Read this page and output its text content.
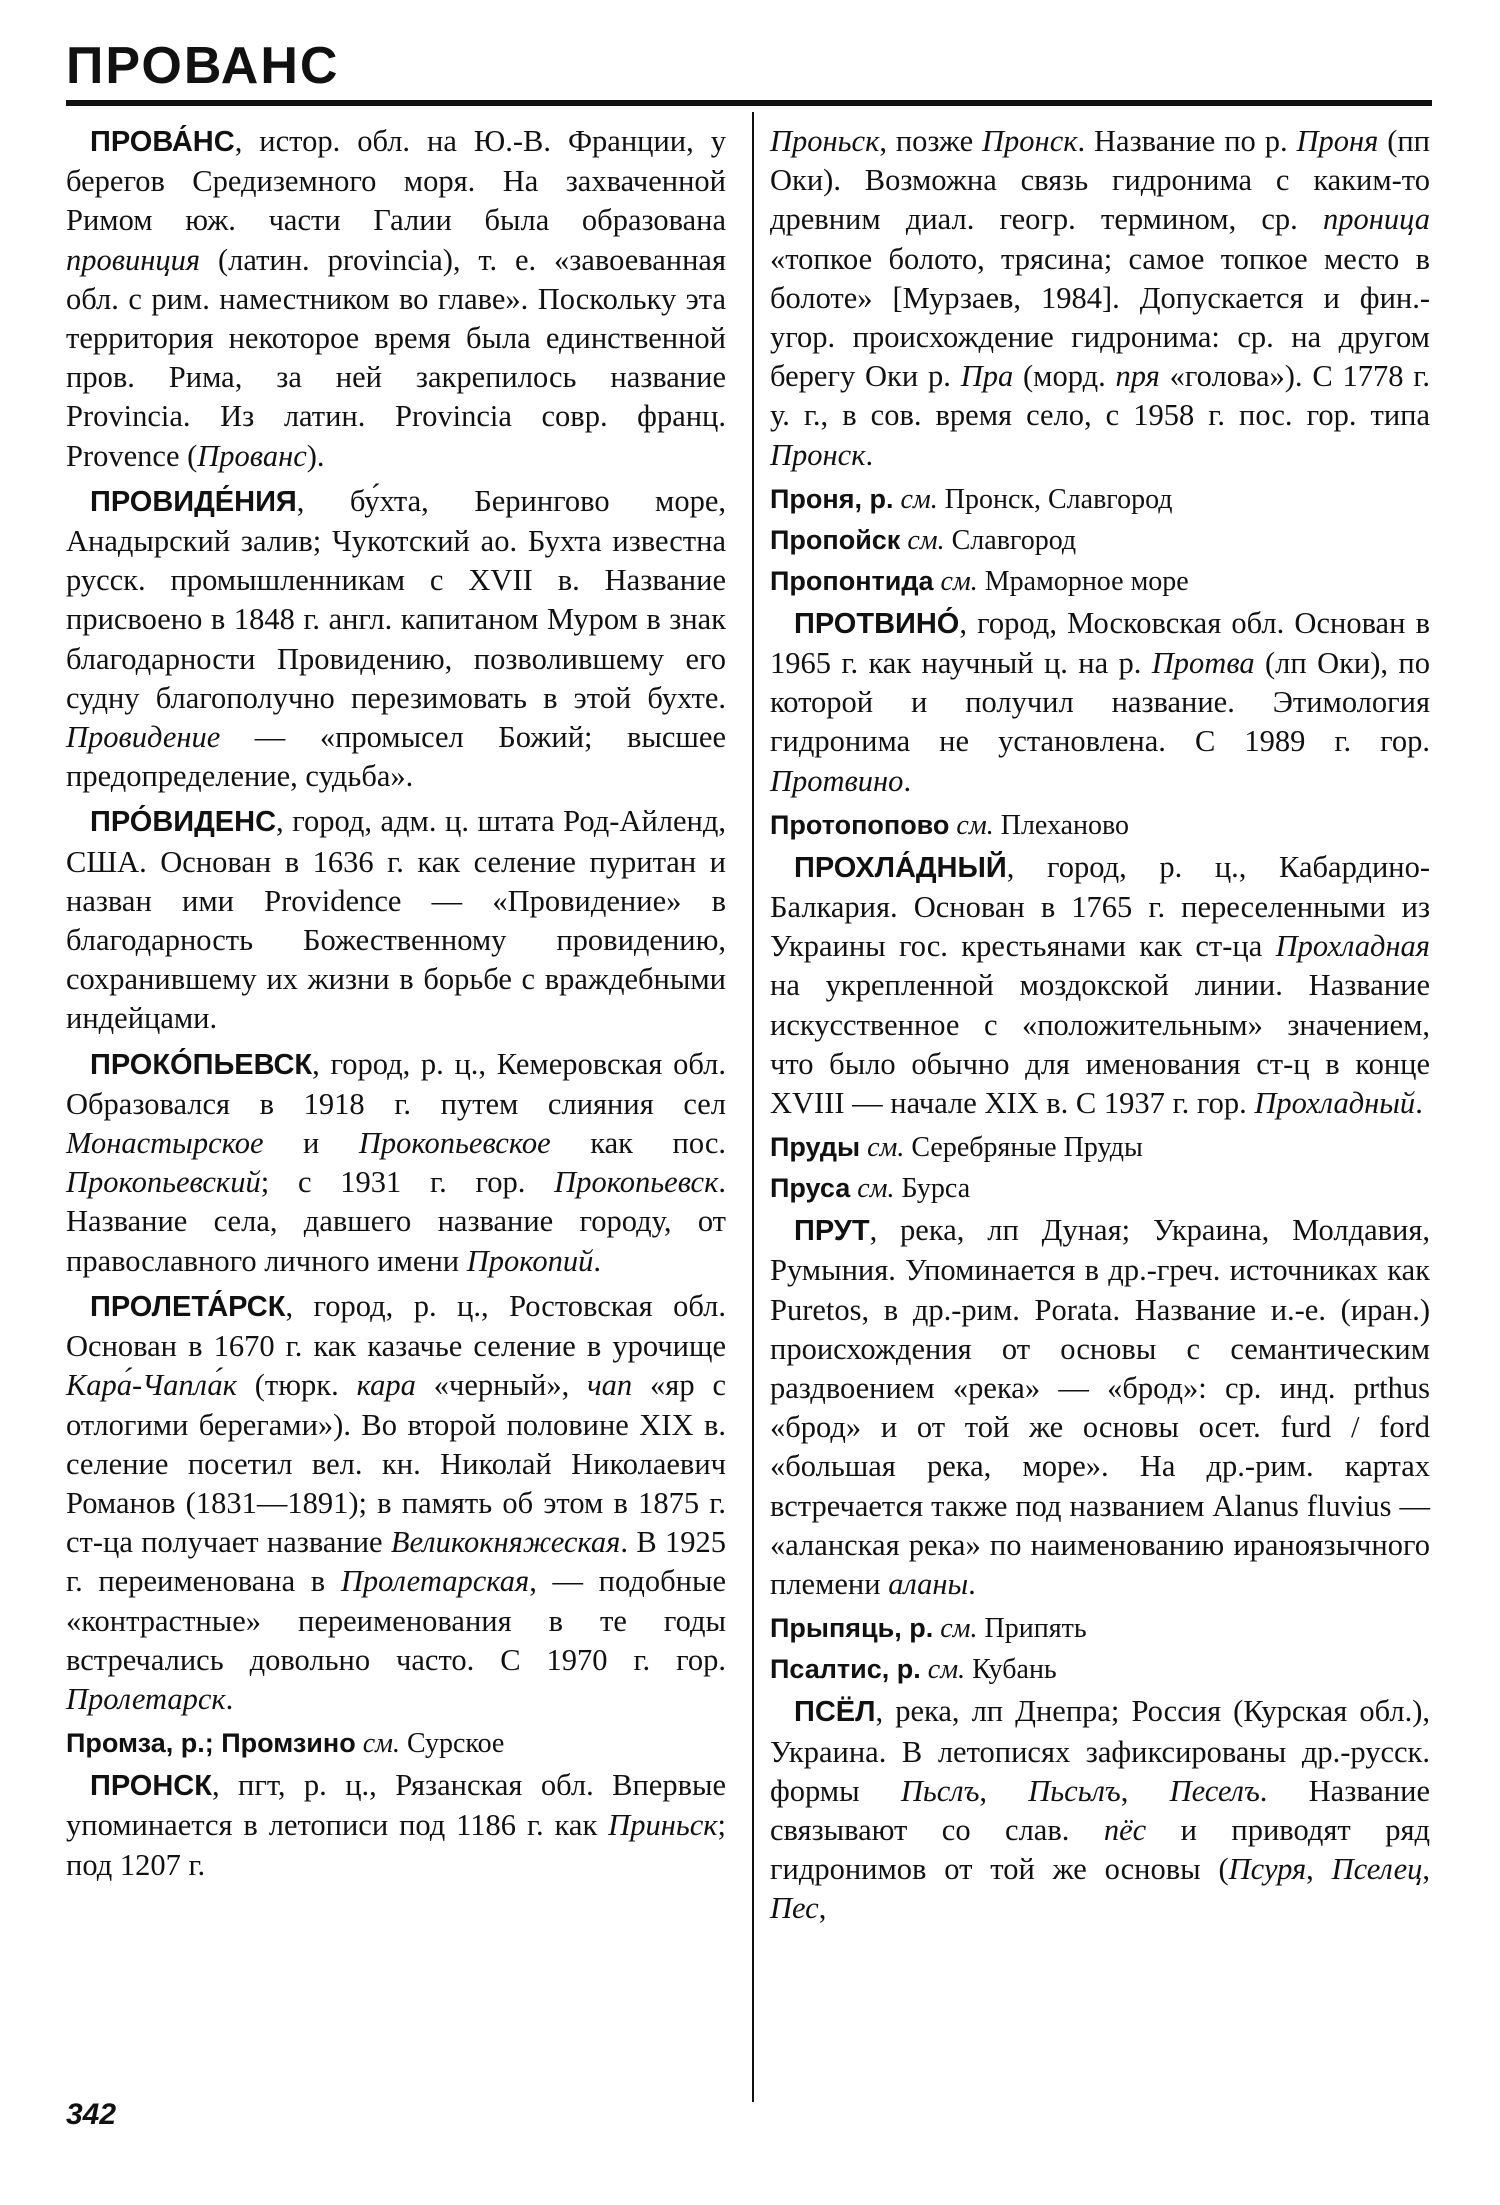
ПРОВАНС

ПРОВА́НС, истор. обл. на Ю.-В. Франции, у берегов Средиземного моря. На захваченной Римом юж. части Галии была образована провинция (латин. provincia), т. е. «завоеванная обл. с рим. наместником во главе». Поскольку эта территория некоторое время была единственной пров. Рима, за ней закрепилось название Provincia. Из латин. Provincia совр. франц. Provence (Прованс).

ПРОВИДЕ́НИЯ, бу́хта, Берингово море, Анадырский залив; Чукотский ао. Бухта известна русск. промышленникам с XVII в. Название присвоено в 1848 г. англ. капитаном Муром в знак благодарности Провидению, позволившему его судну благополучно перезимовать в этой бухте. Провидение — «промысел Божий; высшее предопределение, судьба».

ПРО́ВИДЕНС, город, адм. ц. штата Род-Айленд, США. Основан в 1636 г. как селение пуритан и назван ими Providence — «Провидение» в благодарность Божественному провидению, сохранившему их жизни в борьбе с враждебными индейцами.

ПРОКО́ПЬЕВСК, город, р. ц., Кемеровская обл. Образовался в 1918 г. путем слияния сел Монастырское и Прокопьевское как пос. Прокопьевский; с 1931 г. гор. Прокопьевск. Название села, давшего название городу, от православного личного имени Прокопий.

ПРОЛЕТА́РСК, город, р. ц., Ростовская обл. Основан в 1670 г. как казачье селение в урочище Кара́-Чапла́к (тюрк. кара «черный», чап «яр с отлогими берегами»). Во второй половине XIX в. селение посетил вел. кн. Николай Николаевич Романов (1831—1891); в память об этом в 1875 г. ст-ца получает название Великокняжеская. В 1925 г. переименована в Пролетарская, — подобные «контрастные» переименования в те годы встречались довольно часто. С 1970 г. гор. Пролетарск.

Промза, р.; Промзино см. Сурское

ПРОНСК, пгт, р. ц., Рязанская обл. Впервые упоминается в летописи под 1186 г. как Приньск; под 1207 г.

Проньск, позже Пронск. Название по р. Проня (пп Оки). Возможна связь гидронима с каким-то древним диал. геогр. термином, ср. проница «топкое болото, трясина; самое топкое место в болоте» [Мурзаев, 1984]. Допускается и фин.-угор. происхождение гидронима: ср. на другом берегу Оки р. Пра (морд. пря «голова»). С 1778 г. у. г., в сов. время село, с 1958 г. пос. гор. типа Пронск.

Проня, р. см. Пронск, Славгород

Пропойск см. Славгород

Пропонтида см. Мраморное море

ПРОТВИНО́, город, Московская обл. Основан в 1965 г. как научный ц. на р. Протва (лп Оки), по которой и получил название. Этимология гидронима не установлена. С 1989 г. гор. Протвино.

Протопопово см. Плеханово

ПРОХЛА́ДНЫЙ, город, р. ц., Кабардино-Балкария. Основан в 1765 г. переселенными из Украины гос. крестьянами как ст-ца Прохладная на укрепленной моздокской линии. Название искусственное с «положительным» значением, что было обычно для именования ст-ц в конце XVIII — начале XIX в. С 1937 г. гор. Прохладный.

Пруды см. Серебряные Пруды

Пруса см. Бурса

ПРУТ, река, лп Дуная; Украина, Молдавия, Румыния. Упоминается в др.-греч. источниках как Puretos, в др.-рим. Porata. Название и.-е. (иран.) происхождения от основы с семантическим раздвоением «река» — «брод»: ср. инд. prthus «брод» и от той же основы осет. furd / ford «большая река, море». На др.-рим. картах встречается также под названием Alanus fluvius — «аланская река» по наименованию ираноязычного племени аланы.

Прыпяць, р. см. Припять

Псалтис, р. см. Кубань

ПСЁЛ, река, лп Днепра; Россия (Курская обл.), Украина. В летописях зафиксированы др.-русск. формы Пьслъ, Пьсьлъ, Песелъ. Название связывают со слав. пёс и приводят ряд гидронимов от той же основы (Псуря, Пселец, Пес,

342
